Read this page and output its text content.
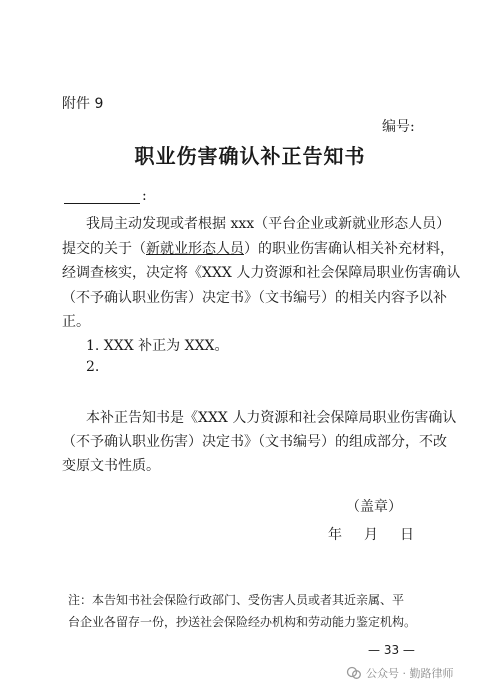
附件 9
编号:
职业伤害确认补正告知书
:
我局主动发现或者根据 xxx（平台企业或新就业形态人员）
提交的关于（新就业形态人员）的职业伤害确认相关补充材料，
经调查核实，决定将《XXX 人力资源和社会保障局职业伤害确认
（不予确认职业伤害）决定书》（文书编号）的相关内容予以补
正。
1. XXX 补正为 XXX。
2.
本补正告知书是《XXX 人力资源和社会保障局职业伤害确认
（不予确认职业伤害）决定书》（文书编号）的组成部分，不改
变原文书性质。
（盖章）
年 月 日
注：本告知书社会保险行政部门、受伤害人员或者其近亲属、平
台企业各留存一份，抄送社会保险经办机构和劳动能力鉴定机构。
— 33 —
公众号 · 勤路律师
